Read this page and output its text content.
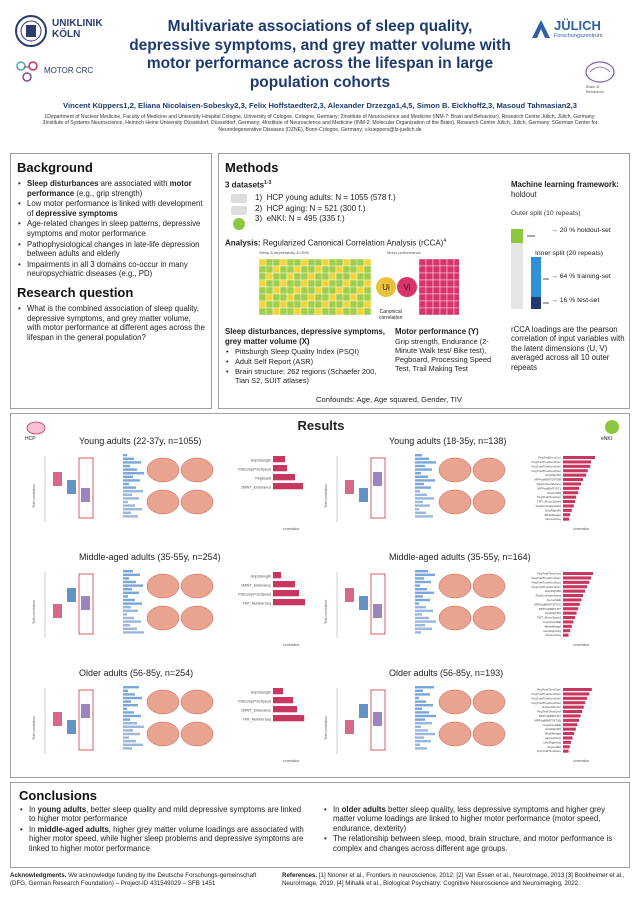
UNIKLINIK
KÖLN
MOTOR CRC
Multivariate associations of sleep quality,
depressive symptoms, and grey matter volume with
motor performance across the lifespan in large
population cohorts
JÜLICH
Forschungszentrum
Brain &
Behaviour
Vincent Küppers1,2, Eliana Nicolaisen-Sobesky2,3, Felix Hoffstaedter2,3, Alexander Drzezga1,4,5, Simon B. Eickhoff2,3, Masoud Tahmasian2,3
1Department of Nuclear Medicine, Faculty of Medicine and University Hospital Cologne, University of Cologne, Cologne, Germany; 2Institute of Neuroscience and Medicine (INM-7: Brain and Behaviour), Research Centre Jülich, Jülich, Germany; 3Institute of Systems Neuroscience, Heinrich Heine University Düsseldorf, Düsseldorf, Germany; 4Institute of Neuroscience and Medicine (INM-2: Molecular Organization of the Brain), Research Centre Jülich, Jülich, Germany; 5German Center for Neurodegenerative Diseases (DZNE), Bonn-Cologne, Germany; v.kueppers@fz-juelich.de
Background
• Sleep disturbances are associated with motor performance (e.g., grip strength)
• Low motor performance is linked with development of depressive symptoms
• Age-related changes in sleep patterns, depressive symptoms and motor performance
• Pathophysiological changes in late-life depression between adults and elderly
• Impairments in all 3 domains co-occur in many neuropsychiatric diseases (e.g., PD)
Research question
• What is the combined association of sleep quality, depressive symptoms, and grey matter volume, with motor performance at different ages across the lifespan in the general population?
Methods
3 datasets$^{1-3}$
1)  HCP young adults: N = 1055 (578 f.)
2)  HCP aging: N = 521 (300 f.)
3)  eNKI: N = 495 (335 f.)
Analysis: Regularized Canonical Correlation Analysis (rCCA)$^4$
Sleep & depressivity & GMV	Motor performance
Ui Vi
Canonical
correlation
Sleep disturbances, depressive symptoms, grey matter volume (X)
• Pittsburgh Sleep Quality Index (PSQI)
• Adult Self Report (ASR)
• Brain structure: 262 regions (Schaefer 200, Tian S2, SUIT atlases)
Motor performance (Y)
Grip strength, Endurance (2-Minute Walk test/ Bike test), Pegboard, Processing Speed Test, Trail Making Test
Confounds: Age, Age squared, Gender, TIV
Machine learning framework: holdout
Outer split (10 repeats)
→ 20 % holdout-set
Inner split (20 repeats)
→ 64 % training-set
→ 16 % test-set
rCCA loadings are the pearson correlation of input variables with the latent dimensions (U, V) averaged across all 10 outer repeats
Results
HCP	eNKI
Young adults (22-37y, n=1055)
Test correlation
GripStrength
PatCompProcSpeed
Pegboard
2MWT_Endurance
correlation
Young adults (18-35y, n=138)
Test correlation
PegTrailDomCon
PegTrailTimeNonDom
PegTrailTimeNonDom
PegTrailTimeNonDom
GripRight60
MPPcallBMTDF70B
PegGripLeftAction
MPPcallBMT-RT1
GripLeft60
PegTrailTimeDom
TMT_MotorSpeed
PegDominateHand
GripRight60
BikeMileage
GripLeftAvg
correlation
Middle-aged adults (35-55y, n=254)
Test correlation
GripStrength
2MWT_Endurance
PatCompProcSpeed
TMT_NumberSeq
correlation
Middle-aged adults (35-55y, n=164)
Test correlation
PegTrailTimeDom
PegTrailTimeNonDom
PegTrailTimeNonDom
PegTrailTimeNonDom
GripRight60
PegDominateHand
FocusSEE
MPPcallBMTDF70C
MPPcallBMT-RT
GripRight60
TMT_MotorSpeed
CognitiveSEE
BikeMileage
GripRightAvg
GripLeftAvg
correlation
Older adults (56-85y, n=254)
Test correlation
GripStrength
PatCompProcSpeed
2MWT_Endurance
TMT_NumberSeq
correlation
Older adults (56-85y, n=193)
Test correlation
PegTrailTimeDom
PegTrailTimeNonDom
PegTrailTimeNonDom
PegTrailTimeNonDom
GripLeftAction
PegTrailTimeDom
MPPcallBMT-RT
MPPcallBMTDF70B
CognitiveSEE
GripRight60
BikeMileage
GripLeftAvg
GripRightAvg
GripLeft60
GripTrailTimeDom
correlation
Conclusions
• In young adults, better sleep quality and mild depressive symptoms are linked to higher motor performance
• In middle-aged adults, higher grey matter volume loadings are associated with higher motor speed, while higher sleep problems and depressive symptoms are linked to higher motor performance
• In older adults better sleep quality, less depressive symptoms and higher grey matter volume loadings are linked to higher motor performance (motor speed, endurance, dexterity)
• The relationship between sleep, mood, brain structure, and motor performance is complex and changes across different age groups.
Acknowledgments. We acknowledge funding by the Deutsche Forschungs-gemeinschaft (DFG, German Research Foundation) – Project-ID 431549029 – SFB 1451
References. [1] Nooner et al., Frontiers in neuroscience, 2012. [2] Van Essen et al., NeuroImage, 2013 [3] Bookheimer et al., NeuroImage, 2019, [4] Mihalik et al., Biological Psychiatry: Cognitive Neuroscience and Neuroimaging, 2022.
